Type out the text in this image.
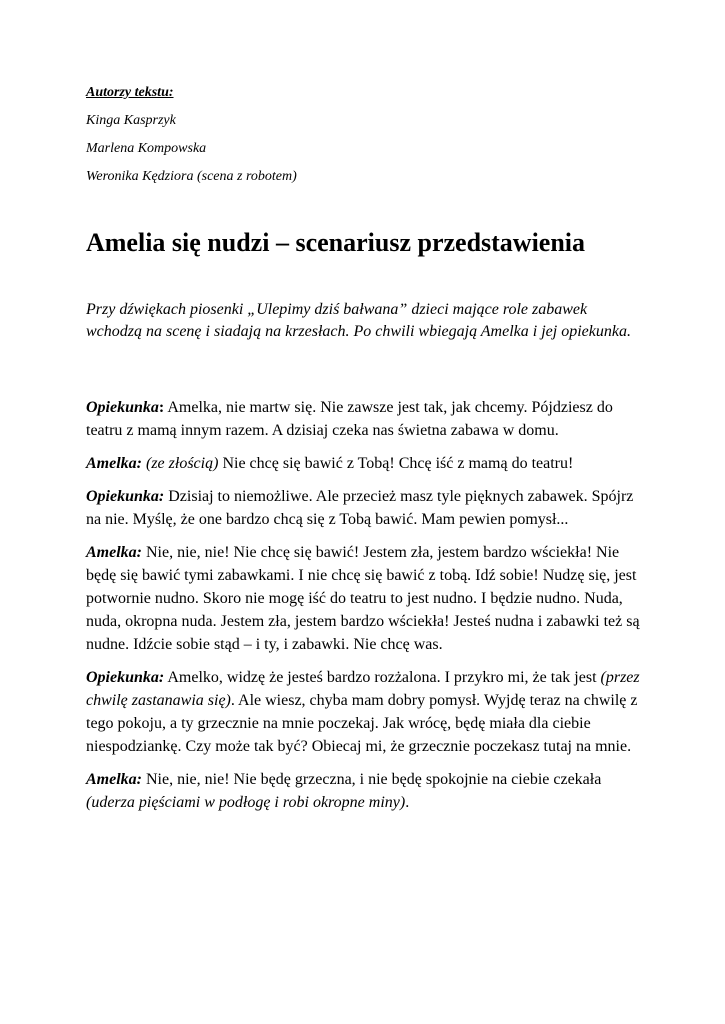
Autorzy tekstu:

Kinga Kasprzyk

Marlena Kompowska

Weronika Kędziora (scena z robotem)

Amelia się nudzi – scenariusz przedstawienia

Przy dźwiękach piosenki „Ulepimy dziś bałwana” dzieci mające role zabawek wchodzą na scenę i siadają na krzesłach. Po chwili wbiegają Amelka i jej opiekunka.

Opiekunka: Amelka, nie martw się. Nie zawsze jest tak, jak chcemy. Pójdziesz do teatru z mamą innym razem. A dzisiaj czeka nas świetna zabawa w domu.

Amelka: (ze złością) Nie chcę się bawić z Tobą! Chcę iść z mamą do teatru!

Opiekunka: Dzisiaj to niemożliwe. Ale przecież masz tyle pięknych zabawek. Spójrz na nie. Myślę, że one bardzo chcą się z Tobą bawić. Mam pewien pomysł...

Amelka: Nie, nie, nie! Nie chcę się bawić! Jestem zła, jestem bardzo wściekła! Nie będę się bawić tymi zabawkami. I nie chcę się bawić z tobą. Idź sobie! Nudzę się, jest potwornie nudno. Skoro nie mogę iść do teatru to jest nudno. I będzie nudno. Nuda, nuda, okropna nuda. Jestem zła, jestem bardzo wściekła! Jesteś nudna i zabawki też są nudne. Idźcie sobie stąd – i ty, i zabawki. Nie chcę was.

Opiekunka: Amelko, widzę że jesteś bardzo rozżalona. I przykro mi, że tak jest (przez chwilę zastanawia się). Ale wiesz, chyba mam dobry pomysł. Wyjdę teraz na chwilę z tego pokoju, a ty grzecznie na mnie poczekaj. Jak wrócę, będę miała dla ciebie niespodziankę. Czy może tak być? Obiecaj mi, że grzecznie poczekasz tutaj na mnie.

Amelka: Nie, nie, nie! Nie będę grzeczna, i nie będę spokojnie na ciebie czekała (uderza pięściami w podłogę i robi okropne miny).
